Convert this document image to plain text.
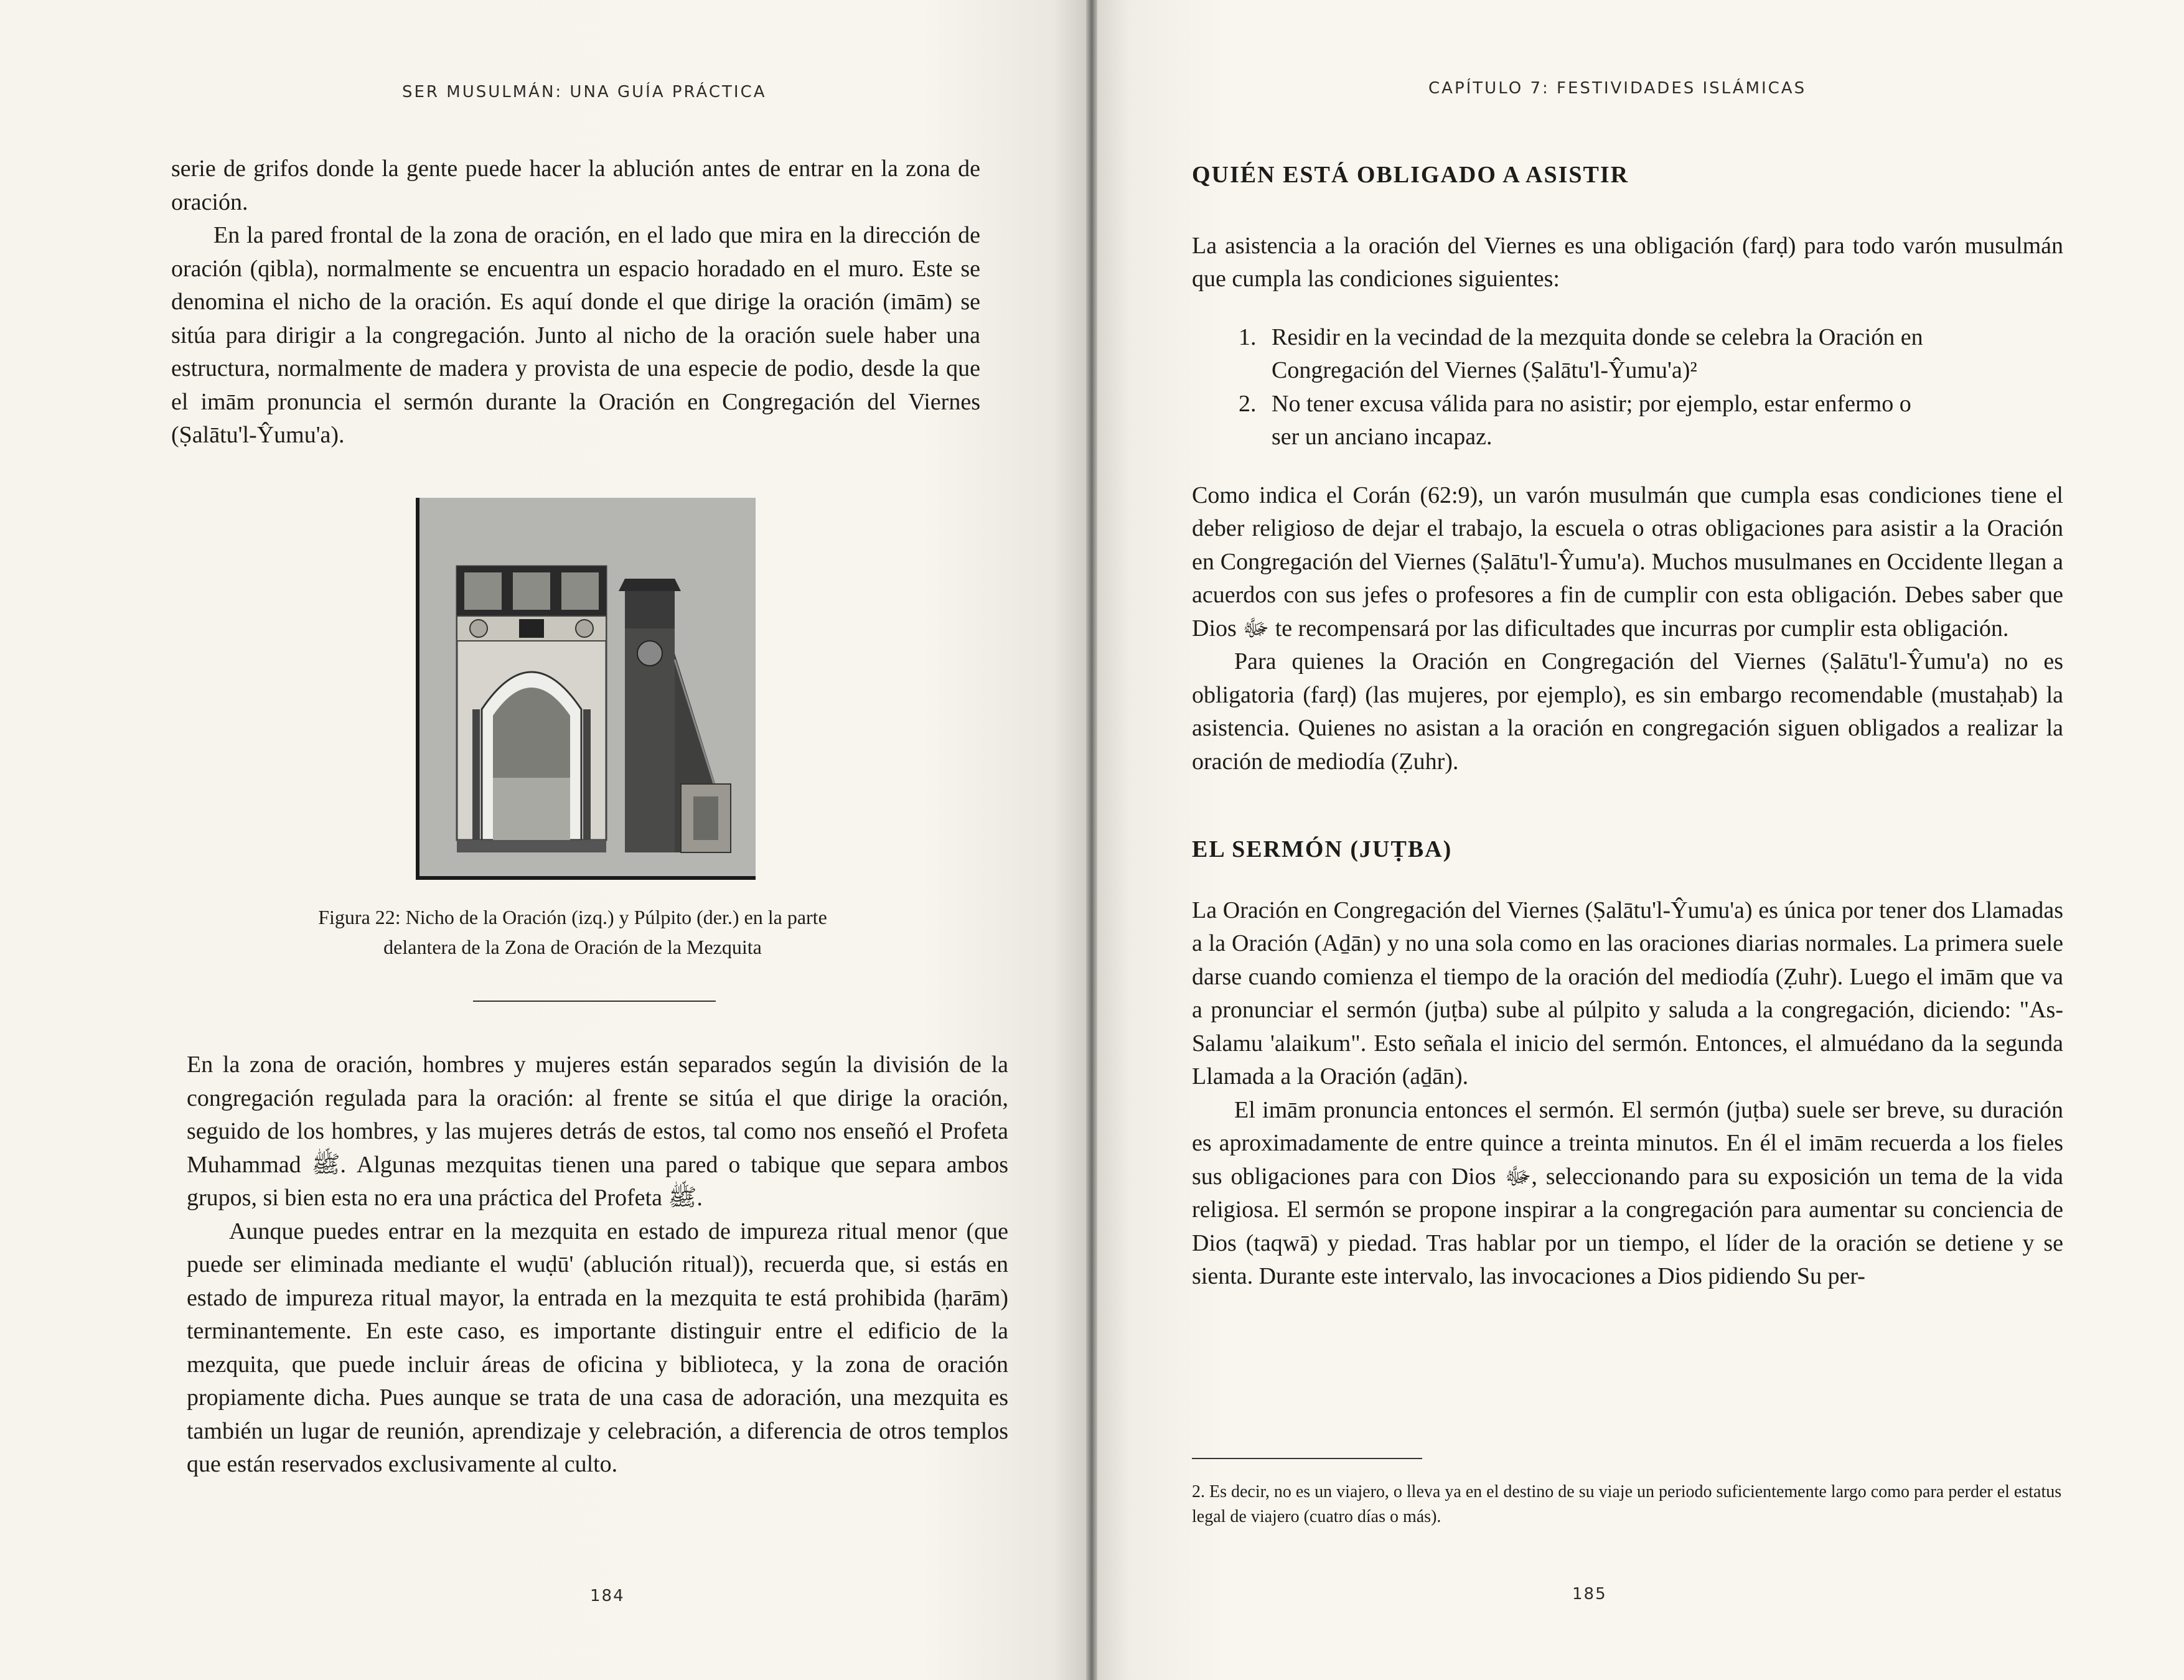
SER MUSULMÁN: UNA GUÍA PRÁCTICA

serie de grifos donde la gente puede hacer la ablución antes de entrar en la zona de oración.

En la pared frontal de la zona de oración, en el lado que mira en la dirección de oración (qibla), normalmente se encuentra un espacio horadado en el muro. Este se denomina el nicho de la oración. Es aquí donde el que dirige la oración (imām) se sitúa para dirigir a la congregación. Junto al nicho de la oración suele haber una estructura, normalmente de madera y provista de una especie de podio, desde la que el imām pronuncia el sermón durante la Oración en Congregación del Viernes (Ṣalātu'l-Ŷumu'a).

Figura 22: Nicho de la Oración (izq.) y Púlpito (der.) en la parte
delantera de la Zona de Oración de la Mezquita

En la zona de oración, hombres y mujeres están separados según la división de la congregación regulada para la oración: al frente se sitúa el que dirige la oración, seguido de los hombres, y las mujeres detrás de estos, tal como nos enseñó el Profeta Muhammad ﷺ. Algunas mezquitas tienen una pared o tabique que separa ambos grupos, si bien esta no era una práctica del Profeta ﷺ.

Aunque puedes entrar en la mezquita en estado de impureza ritual menor (que puede ser eliminada mediante el wuḍū' (ablución ritual)), recuerda que, si estás en estado de impureza ritual mayor, la entrada en la mezquita te está prohibida (ḥarām) terminantemente. En este caso, es importante distinguir entre el edificio de la mezquita, que puede incluir áreas de oficina y biblioteca, y la zona de oración propiamente dicha. Pues aunque se trata de una casa de adoración, una mezquita es también un lugar de reunión, aprendizaje y celebración, a diferencia de otros templos que están reservados exclusivamente al culto.

184
CAPÍTULO 7: FESTIVIDADES ISLÁMICAS

QUIÉN ESTÁ OBLIGADO A ASISTIR

La asistencia a la oración del Viernes es una obligación (farḍ) para todo varón musulmán que cumpla las condiciones siguientes:

1. Residir en la vecindad de la mezquita donde se celebra la Oración en Congregación del Viernes (Ṣalātu'l-Ŷumu'a)²
2. No tener excusa válida para no asistir; por ejemplo, estar enfermo o ser un anciano incapaz.

Como indica el Corán (62:9), un varón musulmán que cumpla esas condiciones tiene el deber religioso de dejar el trabajo, la escuela o otras obligaciones para asistir a la Oración en Congregación del Viernes (Ṣalātu'l-Ŷumu'a). Muchos musulmanes en Occidente llegan a acuerdos con sus jefes o profesores a fin de cumplir con esta obligación. Debes saber que Dios ﷻ te recompensará por las dificultades que incurras por cumplir esta obligación.

Para quienes la Oración en Congregación del Viernes (Ṣalātu'l-Ŷumu'a) no es obligatoria (farḍ) (las mujeres, por ejemplo), es sin embargo recomendable (mustaḥab) la asistencia. Quienes no asistan a la oración en congregación siguen obligados a realizar la oración de mediodía (Ẓuhr).

EL SERMÓN (JUṬBA)

La Oración en Congregación del Viernes (Ṣalātu'l-Ŷumu'a) es única por tener dos Llamadas a la Oración (Aḏān) y no una sola como en las oraciones diarias normales. La primera suele darse cuando comienza el tiempo de la oración del mediodía (Ẓuhr). Luego el imām que va a pronunciar el sermón (juṭba) sube al púlpito y saluda a la congregación, diciendo: "As-Salamu 'alaikum". Esto señala el inicio del sermón. Entonces, el almuédano da la segunda Llamada a la Oración (aḏān).

El imām pronuncia entonces el sermón. El sermón (juṭba) suele ser breve, su duración es aproximadamente de entre quince a treinta minutos. En él el imām recuerda a los fieles sus obligaciones para con Dios ﷻ, seleccionando para su exposición un tema de la vida religiosa. El sermón se propone inspirar a la congregación para aumentar su conciencia de Dios (taqwā) y piedad. Tras hablar por un tiempo, el líder de la oración se detiene y se sienta. Durante este intervalo, las invocaciones a Dios pidiendo Su per-

2. Es decir, no es un viajero, o lleva ya en el destino de su viaje un periodo suficientemente largo como para perder el estatus legal de viajero (cuatro días o más).
185
